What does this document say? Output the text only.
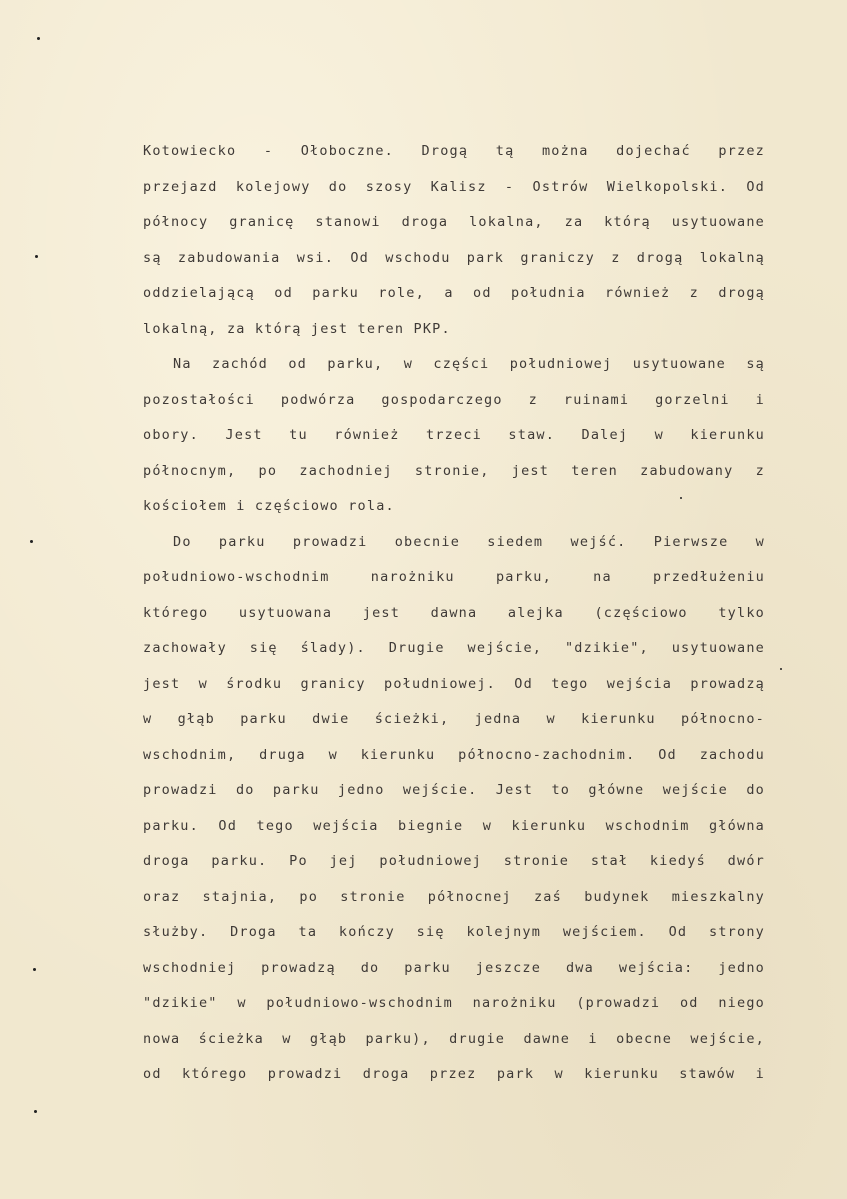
Kotowiecko - Ołoboczne. Drogą tą można dojechać przez
przejazd kolejowy do szosy Kalisz - Ostrów Wielkopolski. Od
północy granicę stanowi droga lokalna, za którą usytuowane
są zabudowania wsi. Od wschodu park graniczy z drogą lokalną
oddzielającą od parku role, a od południa również z drogą
lokalną, za którą jest teren PKP.
Na zachód od parku, w części południowej usytuowane są
pozostałości podwórza gospodarczego z ruinami gorzelni i
obory. Jest tu również trzeci staw. Dalej w kierunku
północnym, po zachodniej stronie, jest teren zabudowany z
kościołem i częściowo rola.
Do parku prowadzi obecnie siedem wejść. Pierwsze w
południowo-wschodnim narożniku parku, na przedłużeniu
którego usytuowana jest dawna alejka (częściowo tylko
zachowały się ślady). Drugie wejście, "dzikie", usytuowane
jest w środku granicy południowej. Od tego wejścia prowadzą
w głąb parku dwie ścieżki, jedna w kierunku północno-
wschodnim, druga w kierunku północno-zachodnim. Od zachodu
prowadzi do parku jedno wejście. Jest to główne wejście do
parku. Od tego wejścia biegnie w kierunku wschodnim główna
droga parku. Po jej południowej stronie stał kiedyś dwór
oraz stajnia, po stronie północnej zaś budynek mieszkalny
służby. Droga ta kończy się kolejnym wejściem. Od strony
wschodniej prowadzą do parku jeszcze dwa wejścia: jedno
"dzikie" w południowo-wschodnim narożniku (prowadzi od niego
nowa ścieżka w głąb parku), drugie dawne i obecne wejście,
od którego prowadzi droga przez park w kierunku stawów i
